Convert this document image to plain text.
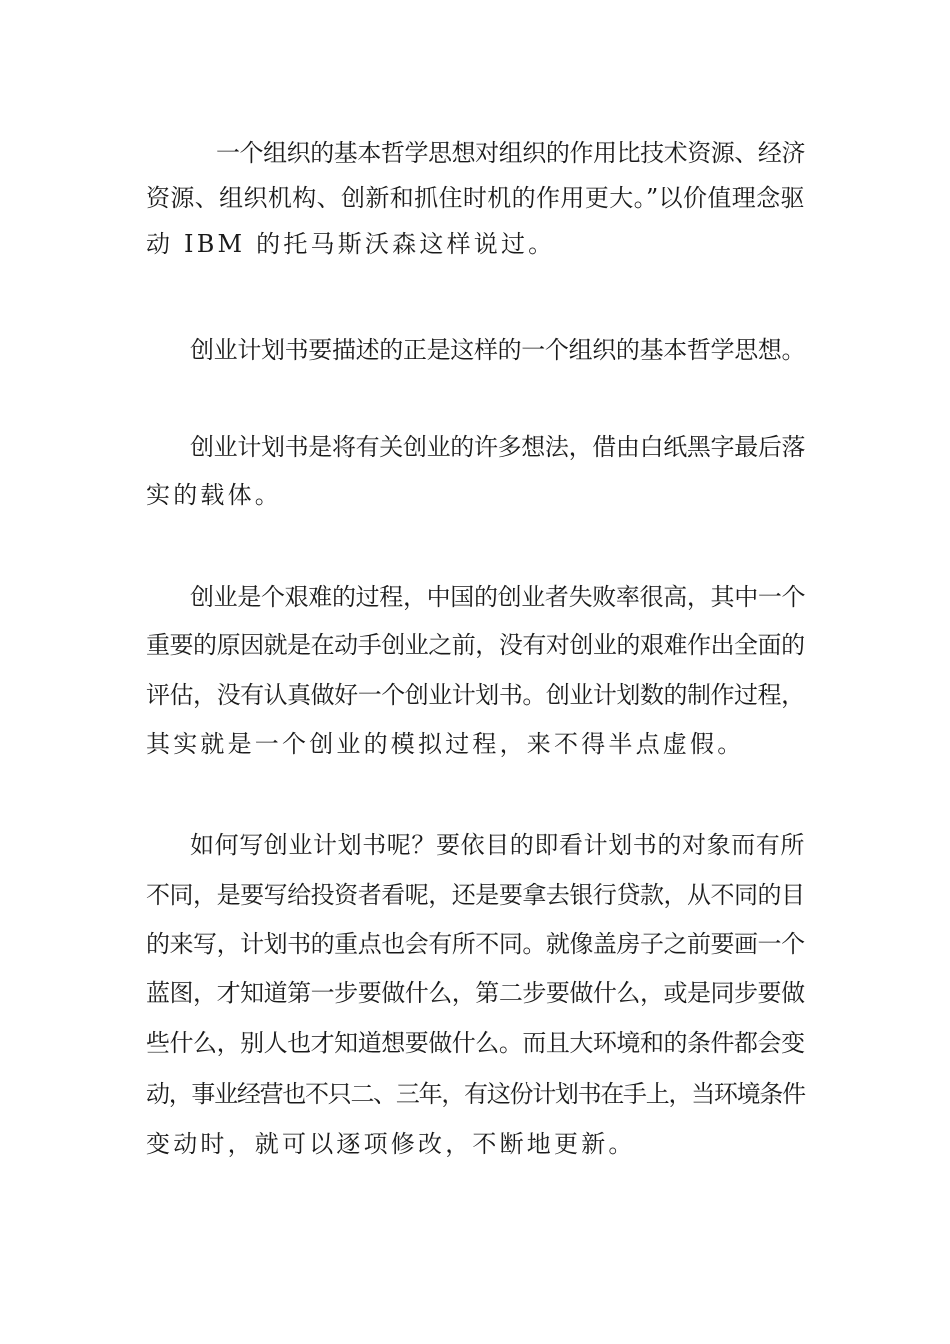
一个组织的基本哲学思想对组织的作用比技术资源、经济
资源、组织机构、创新和抓住时机的作用更大。”以价值理念驱
动 IBM 的托马斯沃森这样说过。
创业计划书要描述的正是这样的一个组织的基本哲学思想。
创业计划书是将有关创业的许多想法，借由白纸黑字最后落
实的载体。
创业是个艰难的过程，中国的创业者失败率很高，其中一个
重要的原因就是在动手创业之前，没有对创业的艰难作出全面的
评估，没有认真做好一个创业计划书。创业计划数的制作过程，
其实就是一个创业的模拟过程，来不得半点虚假。
如何写创业计划书呢？要依目的即看计划书的对象而有所
不同，是要写给投资者看呢，还是要拿去银行贷款，从不同的目
的来写，计划书的重点也会有所不同。就像盖房子之前要画一个
蓝图，才知道第一步要做什么，第二步要做什么，或是同步要做
些什么，别人也才知道想要做什么。而且大环境和的条件都会变
动，事业经营也不只二、三年，有这份计划书在手上，当环境条件
变动时，就可以逐项修改，不断地更新。
